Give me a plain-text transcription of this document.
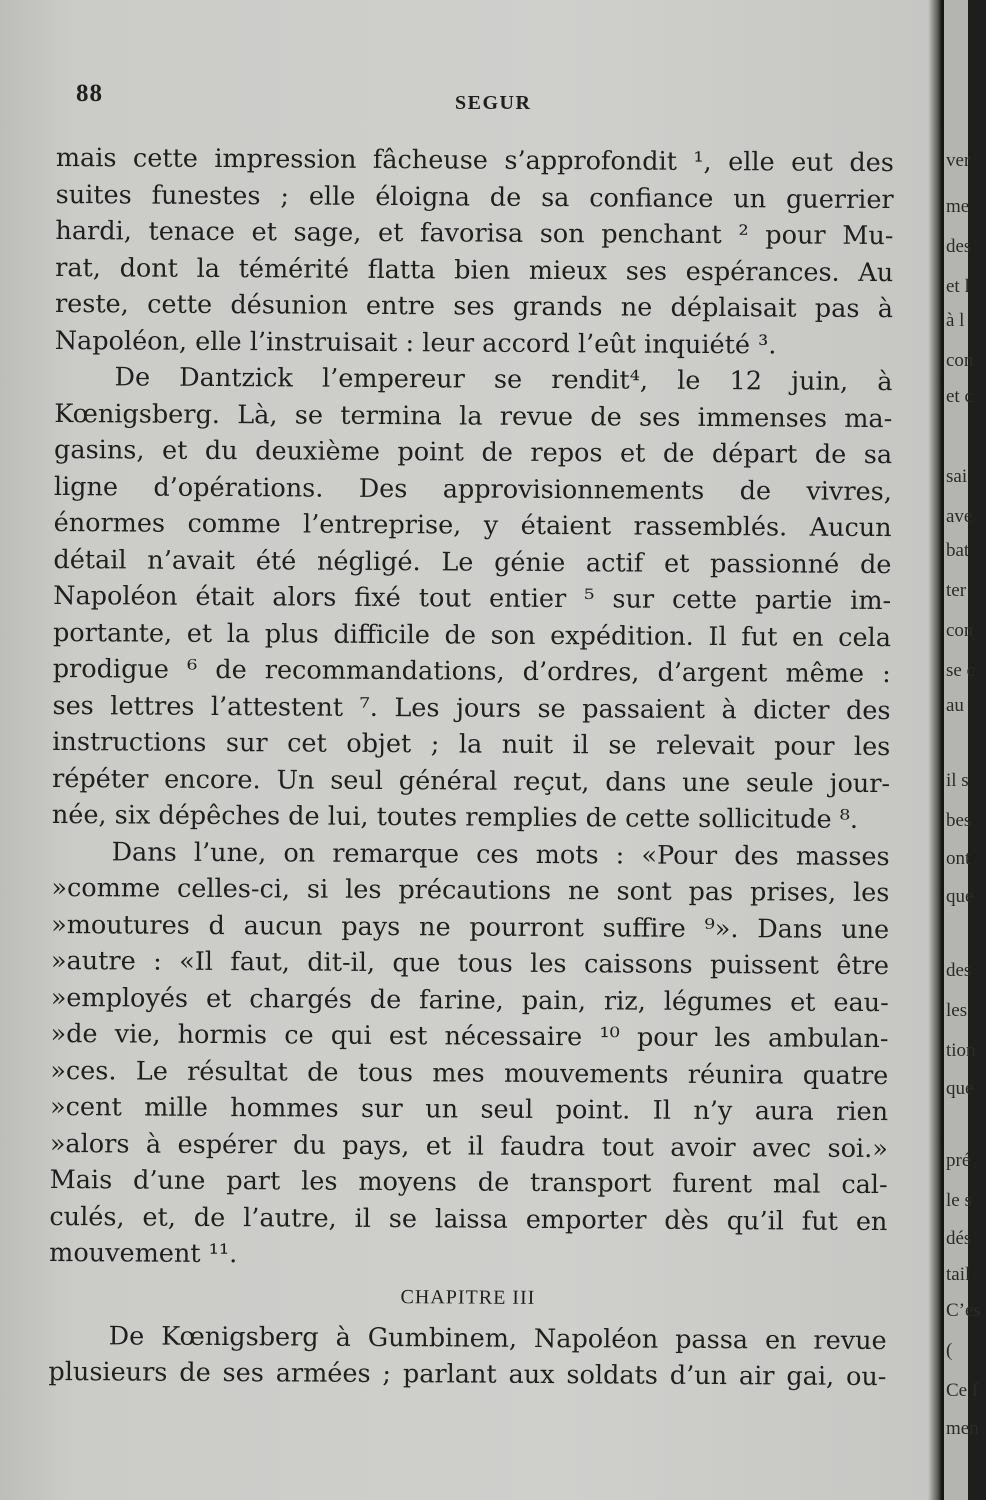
ver
me
des
et l
à l
con
et c
sai
ave
bat
ter
con
se c
au
il s
bes
ont
que
des
les
tion
que
pré
le s
dés
tail
C’es
(
Ce f
men
88	SEGUR
mais cette impression fâcheuse s’approfondit ¹, elle eut des
suites funestes ; elle éloigna de sa confiance un guerrier
hardi, tenace et sage, et favorisa son penchant ² pour Mu-
rat, dont la témérité flatta bien mieux ses espérances. Au
reste, cette désunion entre ses grands ne déplaisait pas à
Napoléon, elle l’instruisait : leur accord l’eût inquiété ³.
De Dantzick l’empereur se rendit⁴, le 12 juin, à
Kœnigsberg. Là, se termina la revue de ses immenses ma-
gasins, et du deuxième point de repos et de départ de sa
ligne d’opérations. Des approvisionnements de vivres,
énormes comme l’entreprise, y étaient rassemblés. Aucun
détail n’avait été négligé. Le génie actif et passionné de
Napoléon était alors fixé tout entier ⁵ sur cette partie im-
portante, et la plus difficile de son expédition. Il fut en cela
prodigue ⁶ de recommandations, d’ordres, d’argent même :
ses lettres l’attestent ⁷. Les jours se passaient à dicter des
instructions sur cet objet ; la nuit il se relevait pour les
répéter encore. Un seul général reçut, dans une seule jour-
née, six dépêches de lui, toutes remplies de cette sollicitude ⁸.
Dans l’une, on remarque ces mots : «Pour des masses
»comme celles-ci, si les précautions ne sont pas prises, les
»moutures d aucun pays ne pourront suffire ⁹». Dans une
»autre : «Il faut, dit-il, que tous les caissons puissent être
»employés et chargés de farine, pain, riz, légumes et eau-
»de vie, hormis ce qui est nécessaire ¹⁰ pour les ambulan-
»ces. Le résultat de tous mes mouvements réunira quatre
»cent mille hommes sur un seul point. Il n’y aura rien
»alors à espérer du pays, et il faudra tout avoir avec soi.»
Mais d’une part les moyens de transport furent mal cal-
culés, et, de l’autre, il se laissa emporter dès qu’il fut en
mouvement ¹¹.
CHAPITRE III
De Kœnigsberg à Gumbinem, Napoléon passa en revue
plusieurs de ses armées ; parlant aux soldats d’un air gai, ou-
